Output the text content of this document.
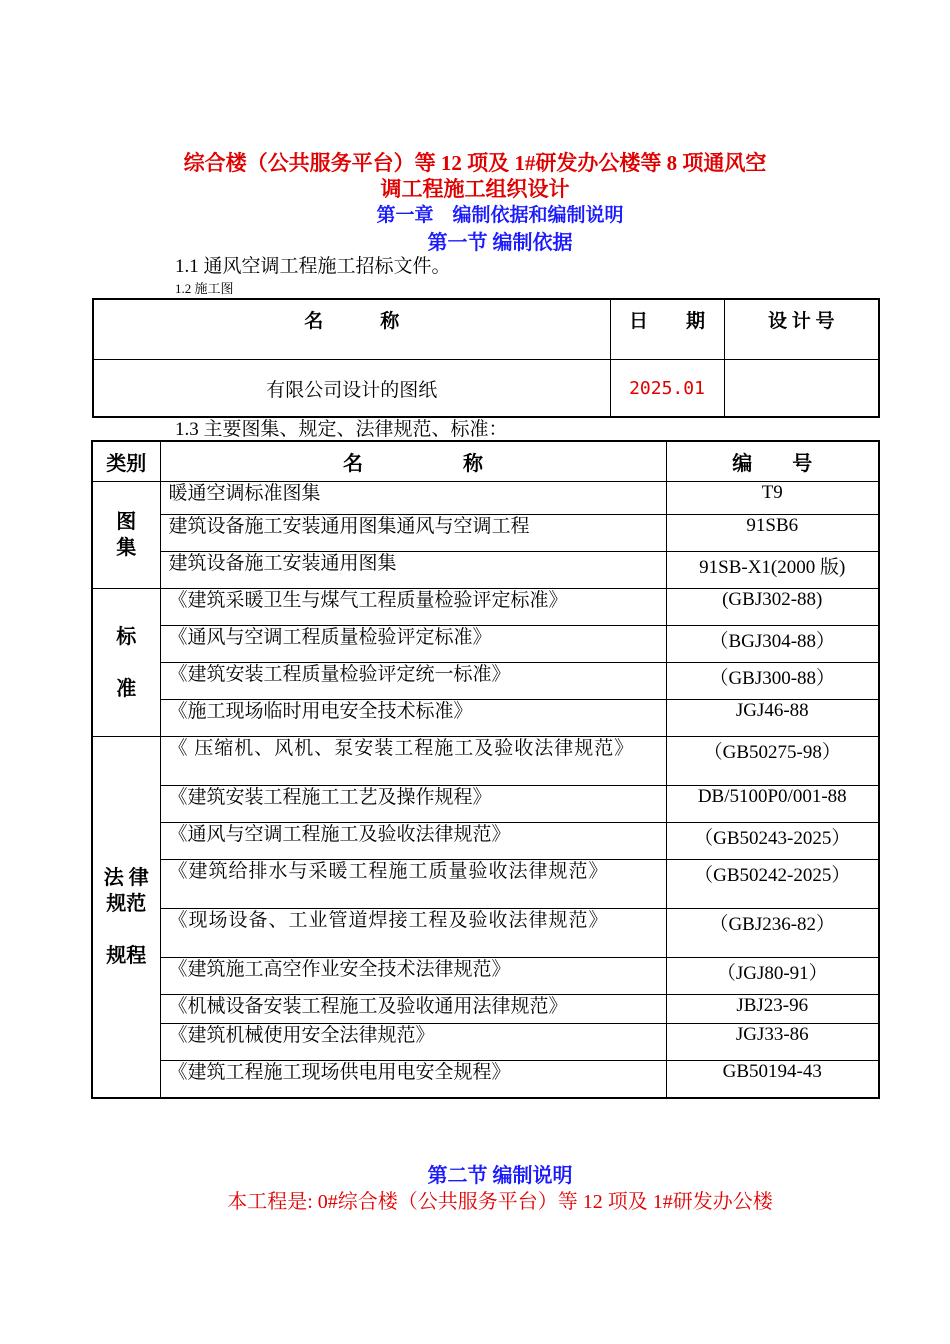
综合楼（公共服务平台）等 12 项及 1#研发办公楼等 8 项通风空
调工程施工组织设计
第一章　编制依据和编制说明
第一节 编制依据
1.1 通风空调工程施工招标文件。
1.2 施工图
名　　　称	日　　期	设 计 号
有限公司设计的图纸	2025.01	
1.3 主要图集、规定、法律规范、标准：
类别	名　　　　　称	编　　号
图
集	暖通空调标准图集	T9
	建筑设备施工安装通用图集通风与空调工程	91SB6
	建筑设备施工安装通用图集	91SB-X1(2000 版)
标

准	《建筑采暖卫生与煤气工程质量检验评定标准》	(GBJ302-88)
	《通风与空调工程质量检验评定标准》	（BGJ304-88）
	《建筑安装工程质量检验评定统一标准》	（GBJ300-88）
	《施工现场临时用电安全技术标准》	JGJ46-88
法 律
规范

规程	《 压缩机、风机、泵安装工程施工及验收法律规范》	（GB50275-98）
	《建筑安装工程施工工艺及操作规程》	DB/5100P0/001-88
	《通风与空调工程施工及验收法律规范》	（GB50243-2025）
	《建筑给排水与采暖工程施工质量验收法律规范》	（GB50242-2025）
	《现场设备、工业管道焊接工程及验收法律规范》	（GBJ236-82）
	《建筑施工高空作业安全技术法律规范》	（JGJ80-91）
	《机械设备安装工程施工及验收通用法律规范》	JBJ23-96
	《建筑机械使用安全法律规范》	JGJ33-86
	《建筑工程施工现场供电用电安全规程》	GB50194-43
第二节 编制说明
本工程是: 0#综合楼（公共服务平台）等 12 项及 1#研发办公楼
